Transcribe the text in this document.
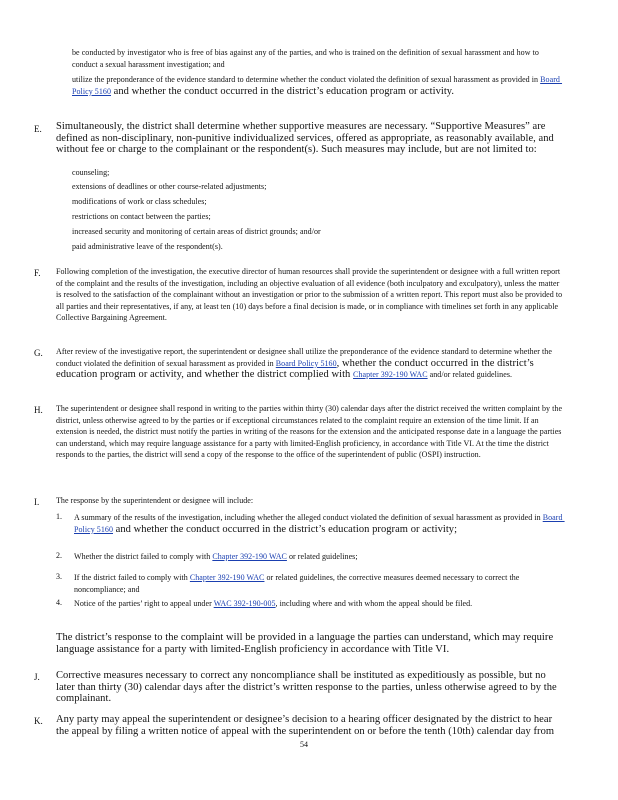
be conducted by investigator who is free of bias against any of the parties, and who is trained on the definition of sexual harassment and how to conduct a sexual harassment investigation; and
utilize the preponderance of the evidence standard to determine whether the conduct violated the definition of sexual harassment as provided in Board Policy 5160 and whether the conduct occurred in the district’s education program or activity.
E. Simultaneously, the district shall determine whether supportive measures are necessary. “Supportive Measures” are defined as non-disciplinary, non-punitive individualized services, offered as appropriate, as reasonably available, and without fee or charge to the complainant or the respondent(s). Such measures may include, but are not limited to:
counseling;
extensions of deadlines or other course-related adjustments;
modifications of work or class schedules;
restrictions on contact between the parties;
increased security and monitoring of certain areas of district grounds; and/or
paid administrative leave of the respondent(s).
F. Following completion of the investigation, the executive director of human resources shall provide the superintendent or designee with a full written report of the complaint and the results of the investigation, including an objective evaluation of all evidence (both inculpatory and exculpatory), unless the matter is resolved to the satisfaction of the complainant without an investigation or prior to the submission of a written report. This report must also be provided to all parties and their representatives, if any, at least ten (10) days before a final decision is made, or in compliance with timelines set forth in any applicable Collective Bargaining Agreement.
G. After review of the investigative report, the superintendent or designee shall utilize the preponderance of the evidence standard to determine whether the conduct violated the definition of sexual harassment as provided in Board Policy 5160, whether the conduct occurred in the district’s education program or activity, and whether the district complied with Chapter 392-190 WAC and/or related guidelines.
H. The superintendent or designee shall respond in writing to the parties within thirty (30) calendar days after the district received the written complaint by the district, unless otherwise agreed to by the parties or if exceptional circumstances related to the complaint require an extension of the time limit. If an extension is needed, the district must notify the parties in writing of the reasons for the extension and the anticipated response date in a language the parties can understand, which may require language assistance for a party with limited-English proficiency, in accordance with Title VI. At the time the district responds to the parties, the district will send a copy of the response to the office of the superintendent of public (OSPI) instruction.
I. The response by the superintendent or designee will include:
1. A summary of the results of the investigation, including whether the alleged conduct violated the definition of sexual harassment as provided in Board Policy 5160 and whether the conduct occurred in the district’s education program or activity;
2. Whether the district failed to comply with Chapter 392-190 WAC or related guidelines;
3. If the district failed to comply with Chapter 392-190 WAC or related guidelines, the corrective measures deemed necessary to correct the noncompliance; and
4. Notice of the parties’ right to appeal under WAC 392-190-005, including where and with whom the appeal should be filed.
The district’s response to the complaint will be provided in a language the parties can understand, which may require language assistance for a party with limited-English proficiency in accordance with Title VI.
J. Corrective measures necessary to correct any noncompliance shall be instituted as expeditiously as possible, but no later than thirty (30) calendar days after the district’s written response to the parties, unless otherwise agreed to by the complainant.
K. Any party may appeal the superintendent or designee’s decision to a hearing officer designated by the district to hear the appeal by filing a written notice of appeal with the superintendent on or before the tenth (10th) calendar day from
54
